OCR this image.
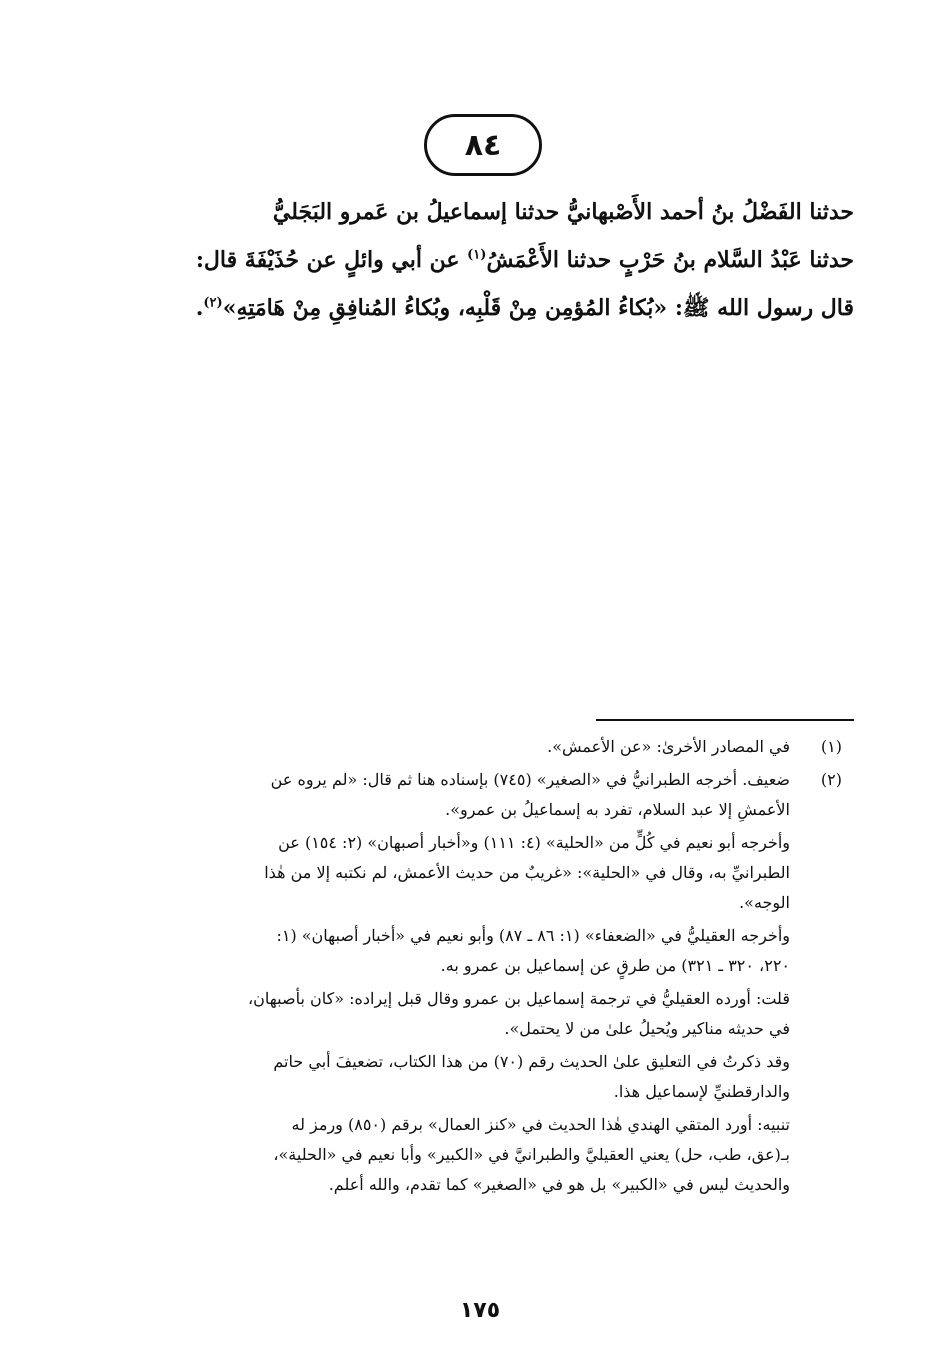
٨٤
حدثنا الفَضْلُ بنُ أحمد الأَصْبهانيُّ حدثنا إسماعيلُ بن عَمرو البَجَليُّ
حدثنا عَبْدُ السَّلام بنُ حَرْبٍ حدثنا الأَعْمَشُ$^{(١)}$ عن أبي وائلٍ عن حُذَيْفَةَ قال:
قال رسول الله ﷺ: «بُكاءُ المُؤمِن مِنْ قَلْبِه، وبُكاءُ المُنافِقِ مِنْ هَامَتِهِ»$^{(٢)}$.
(١)
في المصادر الأخرىٰ: «عن الأعمش».
(٢)
ضعيف. أخرجه الطبرانيُّ في «الصغير» (٧٤٥) بإسناده هنا ثم قال: «لم يروه عن
الأعمشِ إلا عبد السلام، تفرد به إسماعيلُ بن عمرو».
وأخرجه أبو نعيم في كُلٍّ من «الحلية» (٤: ١١١) و«أخبار أصبهان» (٢: ١٥٤) عن
الطبرانيِّ به، وقال في «الحلية»: «غريبٌ من حديث الأعمش، لم نكتبه إلا من هٰذا
الوجه».
وأخرجه العقيليُّ في «الضعفاء» (١: ٨٦ ـ ٨٧) وأبو نعيم في «أخبار أصبهان» (١:
٢٢٠، ٣٢٠ ـ ٣٢١) من طرقٍ عن إسماعيل بن عمرو به.
قلت: أورده العقيليُّ في ترجمة إسماعيل بن عمرو وقال قبل إيراده: «كان بأصبهان،
في حديثه مناكير ويُحيلُ علىٰ من لا يحتمل».
وقد ذكرتُ في التعليق علىٰ الحديث رقم (٧٠) من هذا الكتاب، تضعيفَ أبي حاتم
والدارقطنيِّ لإسماعيل هذا.
تنبيه: أورد المتقي الهندي هٰذا الحديث في «كنز العمال» برقم (٨٥٠) ورمز له
بـ(عق، طب، حل) يعني العقيليَّ والطبرانيَّ في «الكبير» وأبا نعيم في «الحلية»،
والحديث ليس في «الكبير» بل هو في «الصغير» كما تقدم، والله أعلم.
١٧٥
